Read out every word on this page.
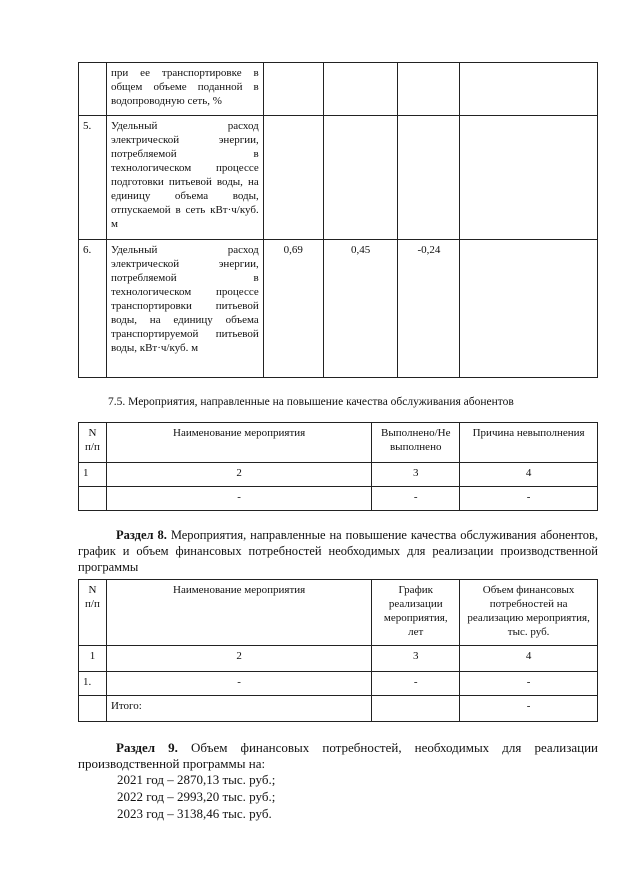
	при ее транспортировке в общем объеме поданной в водопроводную сеть, %				
5.	Удельный расход электрической энергии, потребляемой в технологическом процессе подготовки питьевой воды, на единицу объема воды, отпускаемой в сеть кВт·ч/куб. м				
6.	Удельный расход электрической энергии, потребляемой в технологическом процессе транспортировки питьевой воды, на единицу объема транспортируемой питьевой воды, кВт·ч/куб. м	0,69	0,45	-0,24	
7.5. Мероприятия, направленные на повышение качества обслуживания абонентов
N п/п	Наименование мероприятия	Выполнено/Не выполнено	Причина невыполнения
1	2	3	4
	-	-	-
Раздел 8. Мероприятия, направленные на повышение качества обслуживания абонентов, график и объем финансовых потребностей необходимых для реализации производственной программы
N п/п	Наименование мероприятия	График реализации мероприятия, лет	Объем финансовых потребностей на реализацию мероприятия, тыс. руб.
1	2	3	4
1.	-	-	-
	Итого:		-
Раздел 9. Объем финансовых потребностей, необходимых для реализации производственной программы на:
2021 год – 2870,13 тыс. руб.;
2022 год – 2993,20 тыс. руб.;
2023 год – 3138,46 тыс. руб.
